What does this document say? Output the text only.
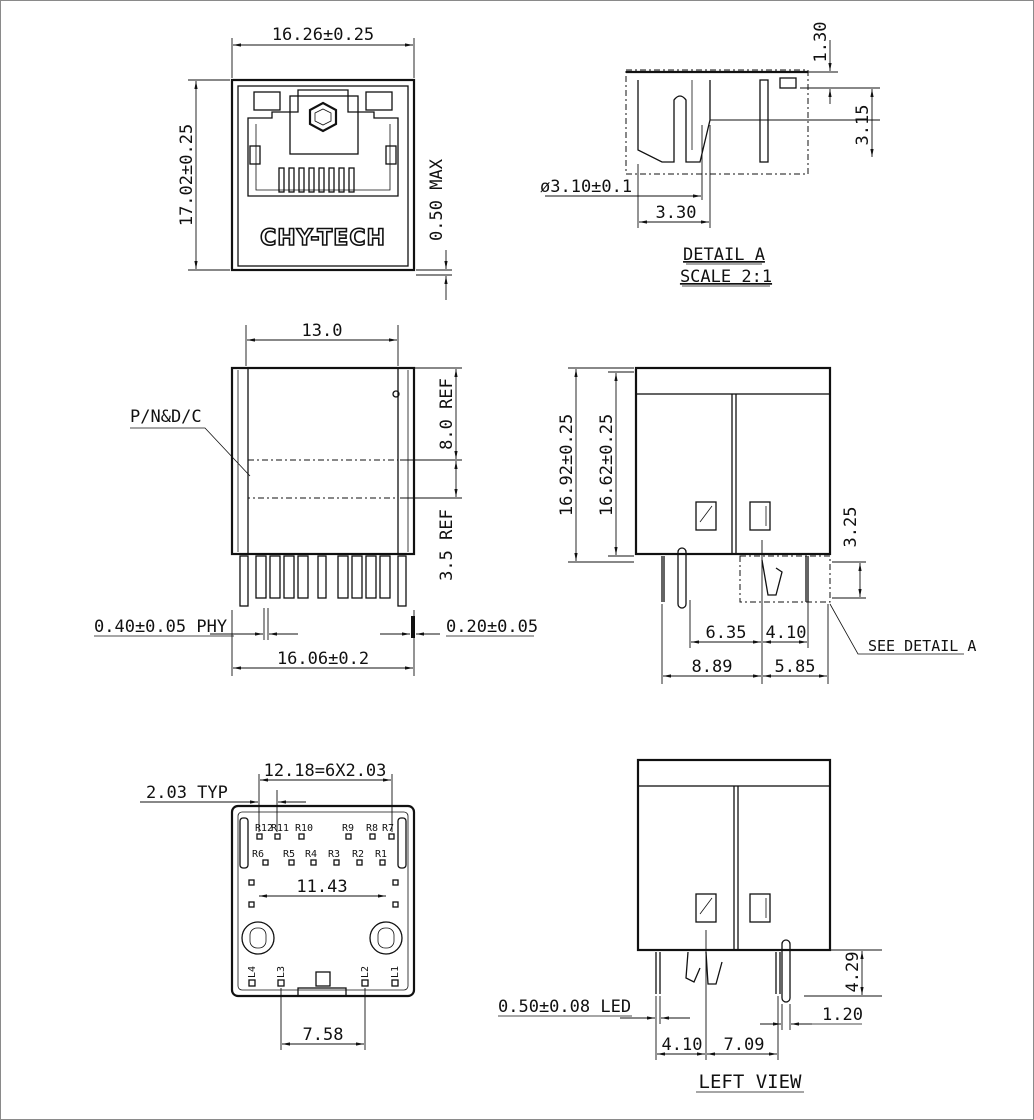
CHY-TECH
16.26±0.25
17.02±0.25	0.50 MAX
1.30
3.15
ø3.10±0.1
3.30
DETAIL A
SCALE 2:1
13.0
P/N&D/C	8.0 REF
3.5 REF
0.40±0.05 PHY	0.20±0.05
16.06±0.2
16.92±0.25 16.62±0.25
3.25
6.35 4.10
8.89 5.85
SEE DETAIL A
R12
R11 R10	R9 R8 R7
R6 R5 R4 R3 R2 R1
L4 L3	L2 L1
12.18=6X2.03
2.03 TYP
11.43
7.58
4.29
1.20
0.50±0.08 LED
4.10 7.09
LEFT VIEW
